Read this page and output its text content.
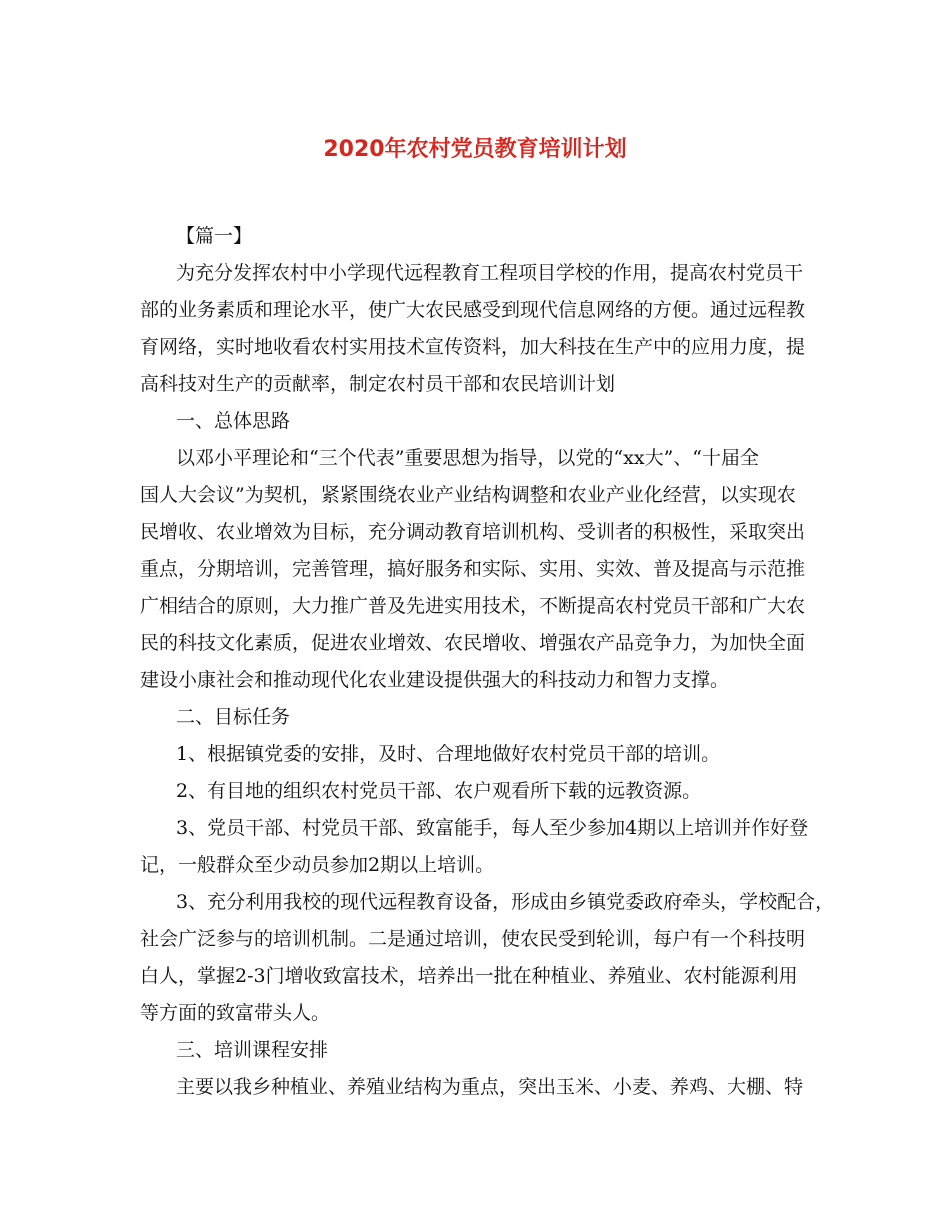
2020年农村党员教育培训计划
【篇一】
为充分发挥农村中小学现代远程教育工程项目学校的作用，提高农村党员干
部的业务素质和理论水平，使广大农民感受到现代信息网络的方便。通过远程教
育网络，实时地收看农村实用技术宣传资料，加大科技在生产中的应用力度，提
高科技对生产的贡献率，制定农村员干部和农民培训计划
一、总体思路
以邓小平理论和“三个代表”重要思想为指导，以党的“xx大”、“十届全
国人大会议”为契机，紧紧围绕农业产业结构调整和农业产业化经营，以实现农
民增收、农业增效为目标，充分调动教育培训机构、受训者的积极性，采取突出
重点，分期培训，完善管理，搞好服务和实际、实用、实效、普及提高与示范推
广相结合的原则，大力推广普及先进实用技术，不断提高农村党员干部和广大农
民的科技文化素质，促进农业增效、农民增收、增强农产品竞争力，为加快全面
建设小康社会和推动现代化农业建设提供强大的科技动力和智力支撑。
二、目标任务
1、根据镇党委的安排，及时、合理地做好农村党员干部的培训。
2、有目地的组织农村党员干部、农户观看所下载的远教资源。
3、党员干部、村党员干部、致富能手，每人至少参加4期以上培训并作好登
记，一般群众至少动员参加2期以上培训。
3、充分利用我校的现代远程教育设备，形成由乡镇党委政府牵头，学校配合，
社会广泛参与的培训机制。二是通过培训，使农民受到轮训，每户有一个科技明
白人，掌握2-3门增收致富技术，培养出一批在种植业、养殖业、农村能源利用
等方面的致富带头人。
三、培训课程安排
主要以我乡种植业、养殖业结构为重点，突出玉米、小麦、养鸡、大棚、特
